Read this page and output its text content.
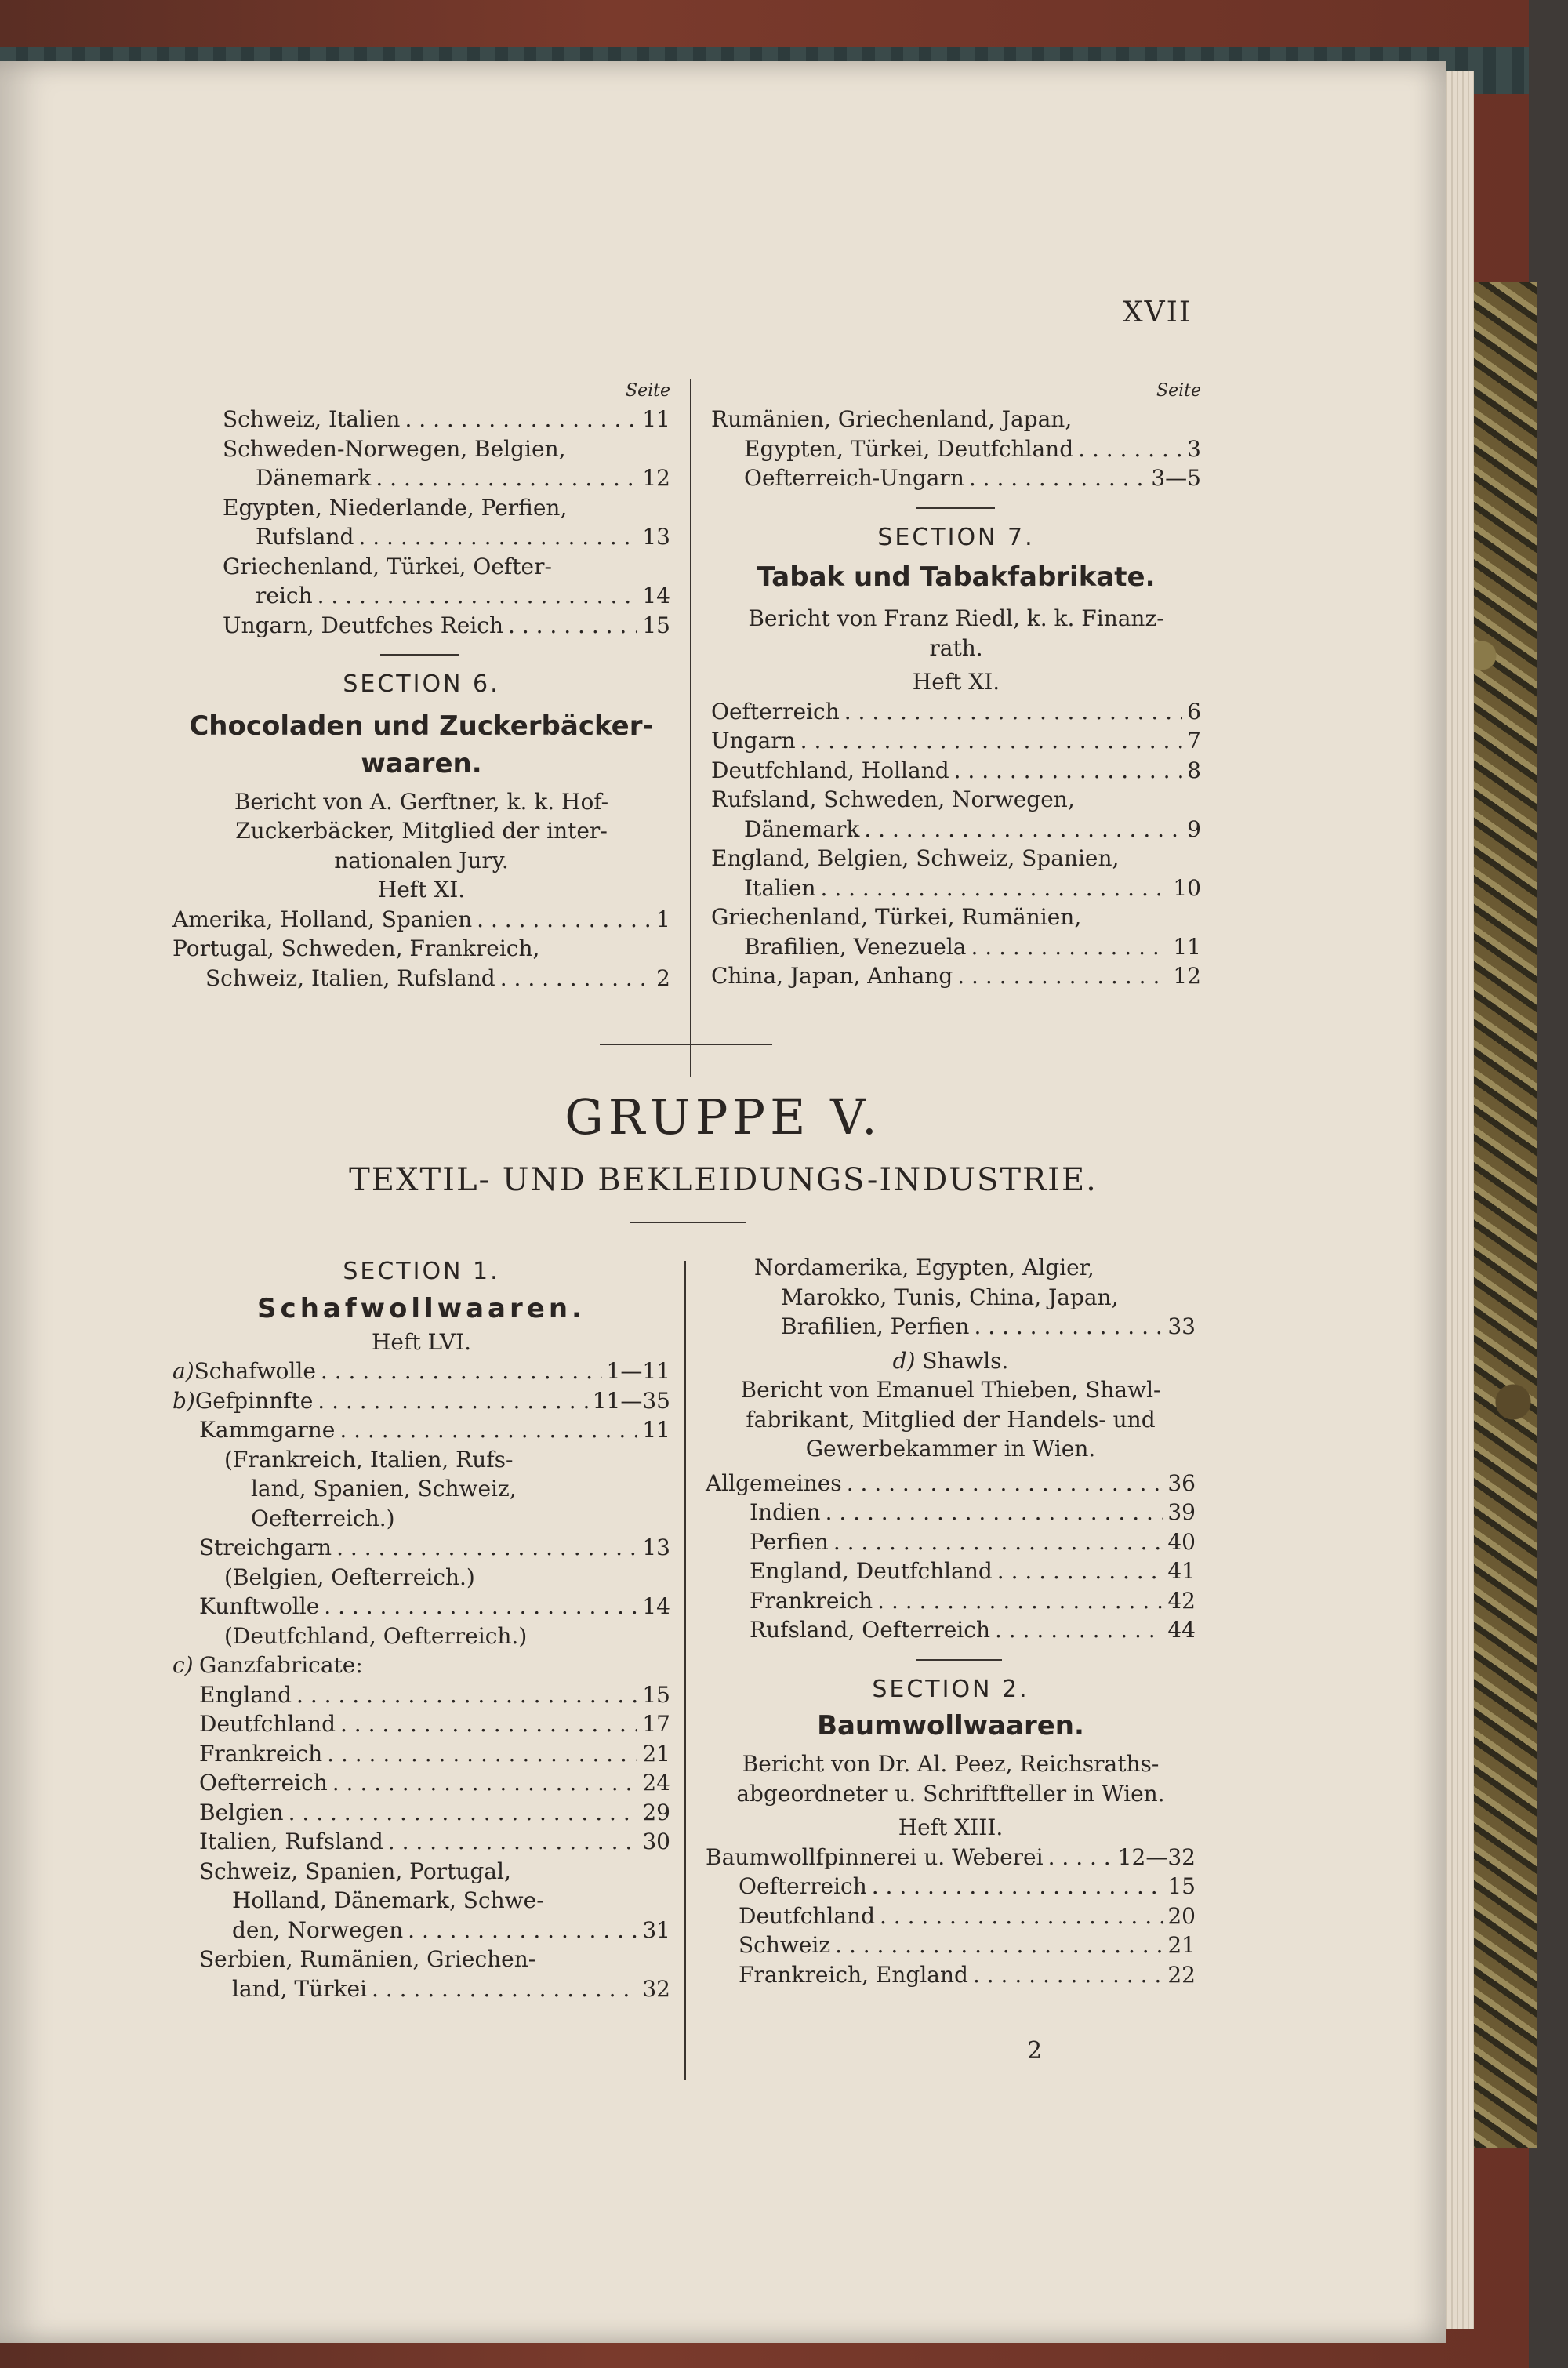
XVII
Seite
Schweiz, Italien . . .	11
Schweden-Norwegen, Belgien,
Dänemark . . .	12
Egypten, Niederlande, Perfien,
Rufsland . . .	13
Griechenland, Türkei, Oefter-
reich . . .	14
Ungarn, Deutfches Reich . . .	15
SECTION 6.
Chocoladen und Zuckerbäcker-
waaren.
Bericht von A. Gerftner, k. k. Hof-
Zuckerbäcker, Mitglied der inter-
nationalen Jury.
Heft XI.
Amerika, Holland, Spanien . . .	1
Portugal, Schweden, Frankreich,
Schweiz, Italien, Rufsland . . .	2
Seite
Rumänien, Griechenland, Japan,
Egypten, Türkei, Deutfchland . . .	3
Oefterreich-Ungarn . . .	3—5
SECTION 7.
Tabak und Tabakfabrikate.
Bericht von Franz Riedl, k. k. Finanz-
rath.
Heft XI.
Oefterreich . . .	6
Ungarn . . .	7
Deutfchland, Holland . . .	8
Rufsland, Schweden, Norwegen,
Dänemark . . .	9
England, Belgien, Schweiz, Spanien,
Italien . . .	10
Griechenland, Türkei, Rumänien,
Brafilien, Venezuela . . .	11
China, Japan, Anhang . . .	12
GRUPPE V.
TEXTIL- UND BEKLEIDUNGS-INDUSTRIE.
SECTION 1.
Schafwollwaaren.
Heft LVI.
a) Schafwolle . . .	1—11
b) Gefpinnfte . . .	11—35
Kammgarne . . .	11
(Frankreich, Italien, Rufs-
land, Spanien, Schweiz,
Oefterreich.)
Streichgarn . . .	13
(Belgien, Oefterreich.)
Kunftwolle . . .	14
(Deutfchland, Oefterreich.)
c) Ganzfabricate:
England . . .	15
Deutfchland . . .	17
Frankreich . . .	21
Oefterreich . . .	24
Belgien . . .	29
Italien, Rufsland . . .	30
Schweiz, Spanien, Portugal,
Holland, Dänemark, Schwe-
den, Norwegen . . .	31
Serbien, Rumänien, Griechen-
land, Türkei . . .	32
Nordamerika, Egypten, Algier,
Marokko, Tunis, China, Japan,
Brafilien, Perfien . . .	33
d) Shawls.
Bericht von Emanuel Thieben, Shawl-
fabrikant, Mitglied der Handels- und
Gewerbekammer in Wien.
Allgemeines . . .	36
Indien . . .	39
Perfien . . .	40
England, Deutfchland . . .	41
Frankreich . . .	42
Rufsland, Oefterreich . . .	44
SECTION 2.
Baumwollwaaren.
Bericht von Dr. Al. Peez, Reichsraths-
abgeordneter u. Schriftfteller in Wien.
Heft XIII.
Baumwollfpinnerei u. Weberei . . .	12—32
Oefterreich . . .	15
Deutfchland . . .	20
Schweiz . . .	21
Frankreich, England . . .	22
2
